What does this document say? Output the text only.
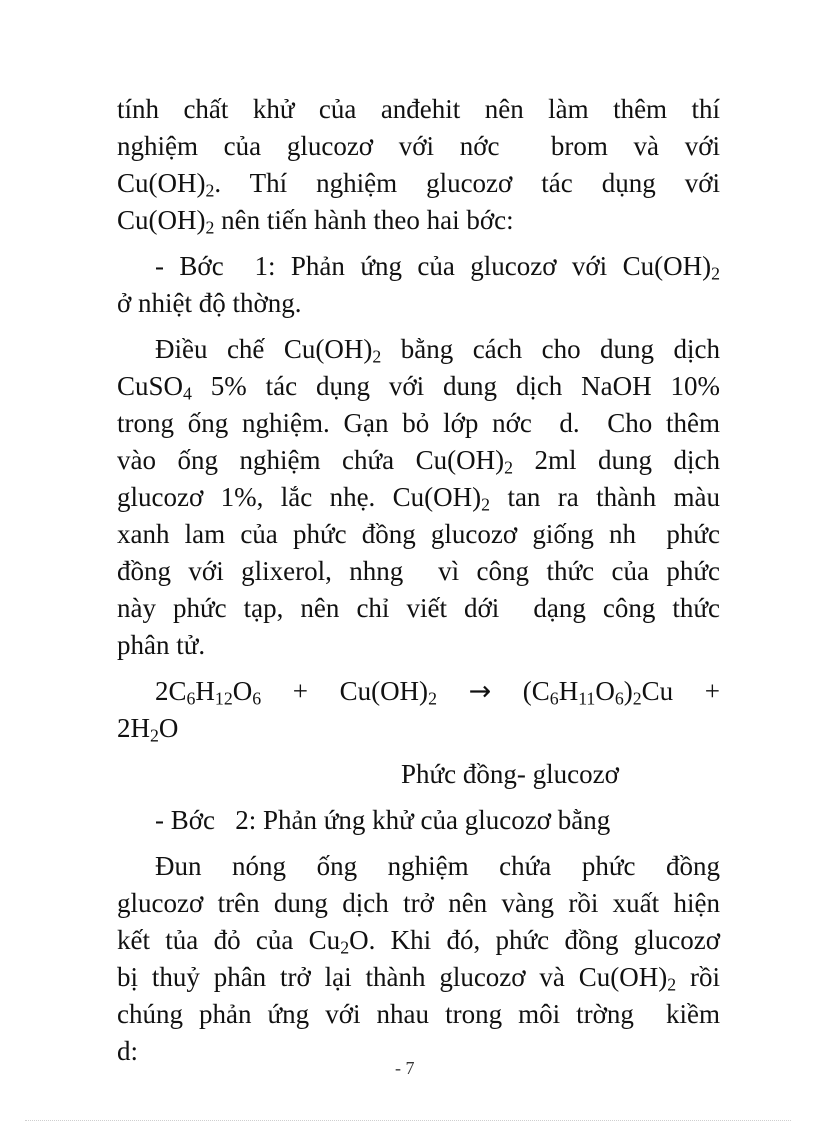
tính chất khử của anđehit nên làm thêm thí
nghiệm của glucozơ với nớc  brom và với
$Cu(OH)_2$. Thí nghiệm glucozơ tác dụng với
$Cu(OH)_2$ nên tiến hành theo hai bớc:

- Bớc  1: Phản ứng của glucozơ với $Cu(OH)_2$
ở nhiệt độ thờng.

Điều chế $Cu(OH)_2$ bằng cách cho dung dịch
CuSO$_4$ 5% tác dụng với dung dịch NaOH 10%
trong ống nghiệm. Gạn bỏ lớp nớc  d.  Cho thêm
vào ống nghiệm chứa $Cu(OH)_2$ 2ml dung dịch
glucozơ 1%, lắc nhẹ. $Cu(OH)_2$ tan ra thành màu
xanh lam của phức đồng glucozơ giống nh  phức
đồng với glixerol, nhng  vì công thức của phức
này phức tạp, nên chỉ viết dới  dạng công thức
phân tử.

$2C_6H_{12}O_6 + Cu(OH)_2 \to (C_6H_{11}O_6)_2Cu$ +
$2H_2O$

Phức đồng- glucozơ

- Bớc   2: Phản ứng khử của glucozơ bằng

Đun nóng ống nghiệm chứa phức đồng
glucozơ trên dung dịch trở nên vàng rồi xuất hiện
kết tủa đỏ của $Cu_2O$. Khi đó, phức đồng glucozơ
bị thuỷ phân trở lại thành glucozơ và $Cu(OH)_2$ rồi
chúng phản ứng với nhau trong môi trờng  kiềm
d:

- 7
